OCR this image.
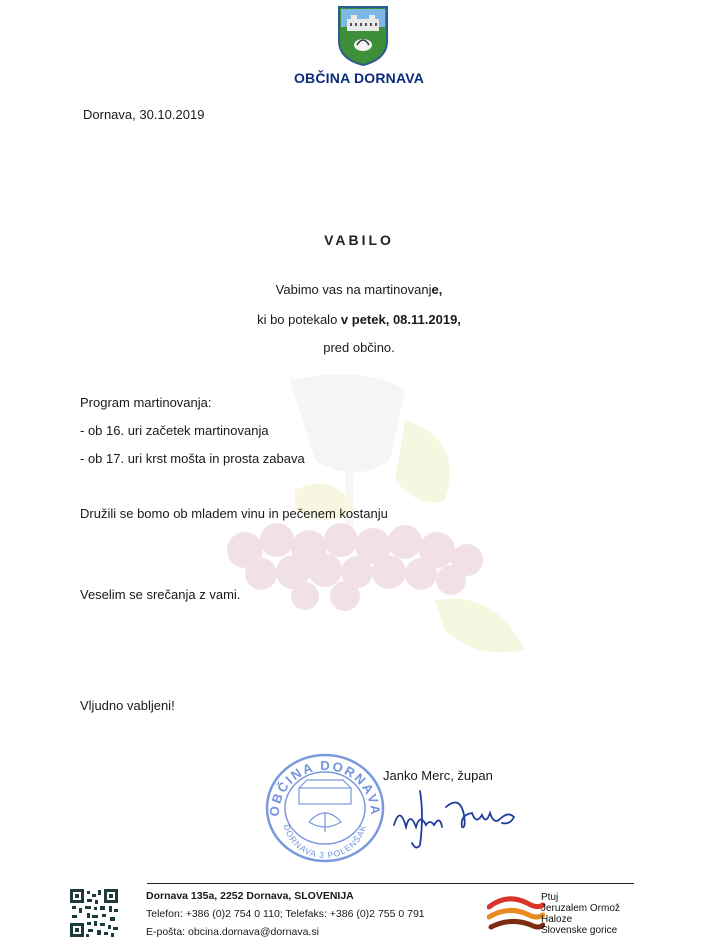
OBČINA DORNAVA
Dornava, 30.10.2019
VABILO
Vabimo vas na martinovanje,
ki bo potekalo v petek, 08.11.2019,
pred občino.
Program martinovanja:
- ob 16. uri začetek martinovanja
- ob 17. uri krst mošta in prosta zabava
Družili se bomo ob mladem vinu in pečenem kostanju
Veselim se srečanja z vami.
Vljudno vabljeni!
Janko Merc, župan
OBČINA DORNAVA
DORNAVA 3 POLENŠAK
Dornava 135a, 2252 Dornava, SLOVENIJA
Telefon: +386 (0)2 754 0 110; Telefaks: +386 (0)2 755 0 791
E-pošta: obcina.dornava@dornava.si
Ptuj
Jeruzalem Ormož
Haloze
Slovenske gorice
